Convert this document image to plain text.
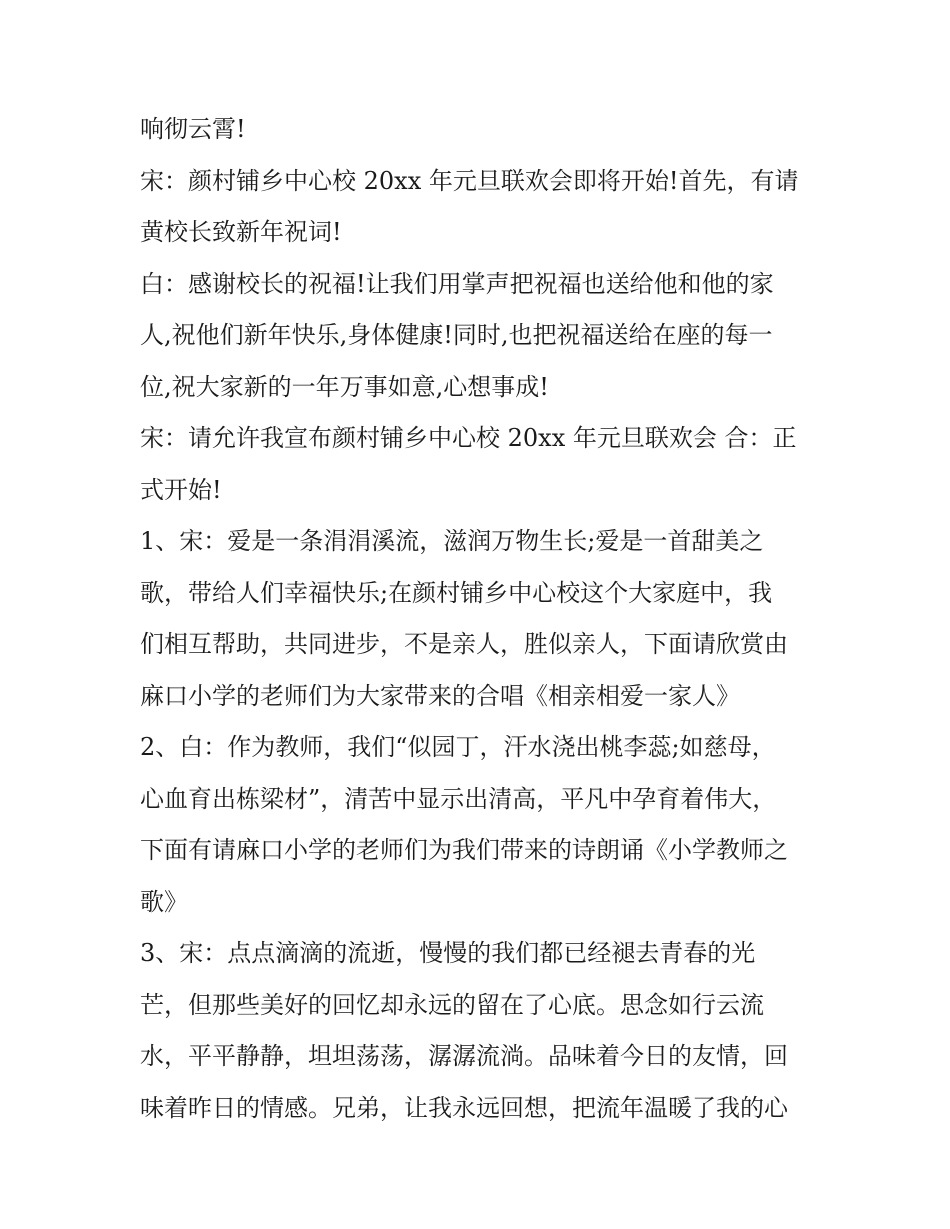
响彻云霄!
宋：颜村铺乡中心校 20xx 年元旦联欢会即将开始!首先，有请
黄校长致新年祝词!
白：感谢校长的祝福!让我们用掌声把祝福也送给他和他的家
人,祝他们新年快乐,身体健康!同时,也把祝福送给在座的每一
位,祝大家新的一年万事如意,心想事成!
宋：请允许我宣布颜村铺乡中心校 20xx 年元旦联欢会 合：正
式开始!
1、宋：爱是一条涓涓溪流，滋润万物生长;爱是一首甜美之
歌，带给人们幸福快乐;在颜村铺乡中心校这个大家庭中，我
们相互帮助，共同进步，不是亲人，胜似亲人，下面请欣赏由
麻口小学的老师们为大家带来的合唱《相亲相爱一家人》
2、白：作为教师，我们“似园丁，汗水浇出桃李蕊;如慈母，
心血育出栋梁材”，清苦中显示出清高，平凡中孕育着伟大，
下面有请麻口小学的老师们为我们带来的诗朗诵《小学教师之
歌》
3、宋：点点滴滴的流逝，慢慢的我们都已经褪去青春的光
芒，但那些美好的回忆却永远的留在了心底。思念如行云流
水，平平静静，坦坦荡荡，潺潺流淌。品味着今日的友情，回
味着昨日的情感。兄弟，让我永远回想，把流年温暖了我的心
